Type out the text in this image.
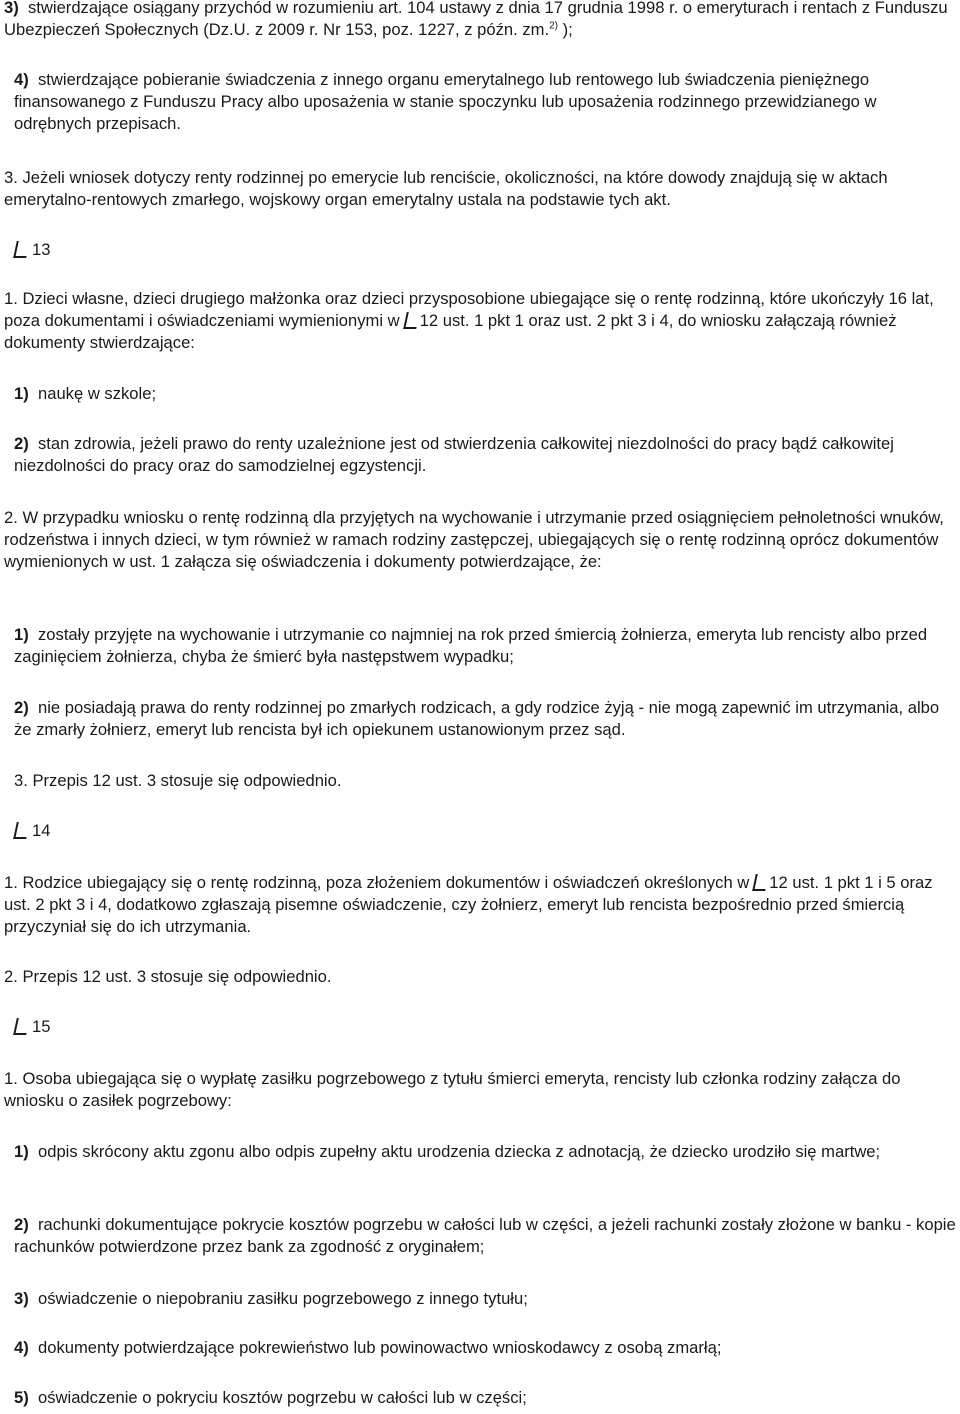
3) stwierdzające osiągany przychód w rozumieniu art. 104 ustawy z dnia 17 grudnia 1998 r. o emeryturach i rentach z Funduszu Ubezpieczeń Społecznych (Dz.U. z 2009 r. Nr 153, poz. 1227, z późn. zm.$^{2)}$ );

4) stwierdzające pobieranie świadczenia z innego organu emerytalnego lub rentowego lub świadczenia pieniężnego finansowanego z Funduszu Pracy albo uposażenia w stanie spoczynku lub uposażenia rodzinnego przewidzianego w odrębnych przepisach.

3. Jeżeli wniosek dotyczy renty rodzinnej po emerycie lub renciście, okoliczności, na które dowody znajdują się w aktach emerytalno-rentowych zmarłego, wojskowy organ emerytalny ustala na podstawie tych akt.

13

1. Dzieci własne, dzieci drugiego małżonka oraz dzieci przysposobione ubiegające się o rentę rodzinną, które ukończyły 16 lat, poza dokumentami i oświadczeniami wymienionymi w 12 ust. 1 pkt 1 oraz ust. 2 pkt 3 i 4, do wniosku załączają również dokumenty stwierdzające:

1) naukę w szkole;

2) stan zdrowia, jeżeli prawo do renty uzależnione jest od stwierdzenia całkowitej niezdolności do pracy bądź całkowitej niezdolności do pracy oraz do samodzielnej egzystencji.

2. W przypadku wniosku o rentę rodzinną dla przyjętych na wychowanie i utrzymanie przed osiągnięciem pełnoletności wnuków, rodzeństwa i innych dzieci, w tym również w ramach rodziny zastępczej, ubiegających się o rentę rodzinną oprócz dokumentów wymienionych w ust. 1 załącza się oświadczenia i dokumenty potwierdzające, że:

1) zostały przyjęte na wychowanie i utrzymanie co najmniej na rok przed śmiercią żołnierza, emeryta lub rencisty albo przed zaginięciem żołnierza, chyba że śmierć była następstwem wypadku;

2) nie posiadają prawa do renty rodzinnej po zmarłych rodzicach, a gdy rodzice żyją - nie mogą zapewnić im utrzymania, albo że zmarły żołnierz, emeryt lub rencista był ich opiekunem ustanowionym przez sąd.

3. Przepis 12 ust. 3 stosuje się odpowiednio.

14

1. Rodzice ubiegający się o rentę rodzinną, poza złożeniem dokumentów i oświadczeń określonych w 12 ust. 1 pkt 1 i 5 oraz ust. 2 pkt 3 i 4, dodatkowo zgłaszają pisemne oświadczenie, czy żołnierz, emeryt lub rencista bezpośrednio przed śmiercią przyczyniał się do ich utrzymania.

2. Przepis 12 ust. 3 stosuje się odpowiednio.

15

1. Osoba ubiegająca się o wypłatę zasiłku pogrzebowego z tytułu śmierci emeryta, rencisty lub członka rodziny załącza do wniosku o zasiłek pogrzebowy:

1) odpis skrócony aktu zgonu albo odpis zupełny aktu urodzenia dziecka z adnotacją, że dziecko urodziło się martwe;

2) rachunki dokumentujące pokrycie kosztów pogrzebu w całości lub w części, a jeżeli rachunki zostały złożone w banku - kopie rachunków potwierdzone przez bank za zgodność z oryginałem;

3) oświadczenie o niepobraniu zasiłku pogrzebowego z innego tytułu;

4) dokumenty potwierdzające pokrewieństwo lub powinowactwo wnioskodawcy z osobą zmarłą;

5) oświadczenie o pokryciu kosztów pogrzebu w całości lub w części;
